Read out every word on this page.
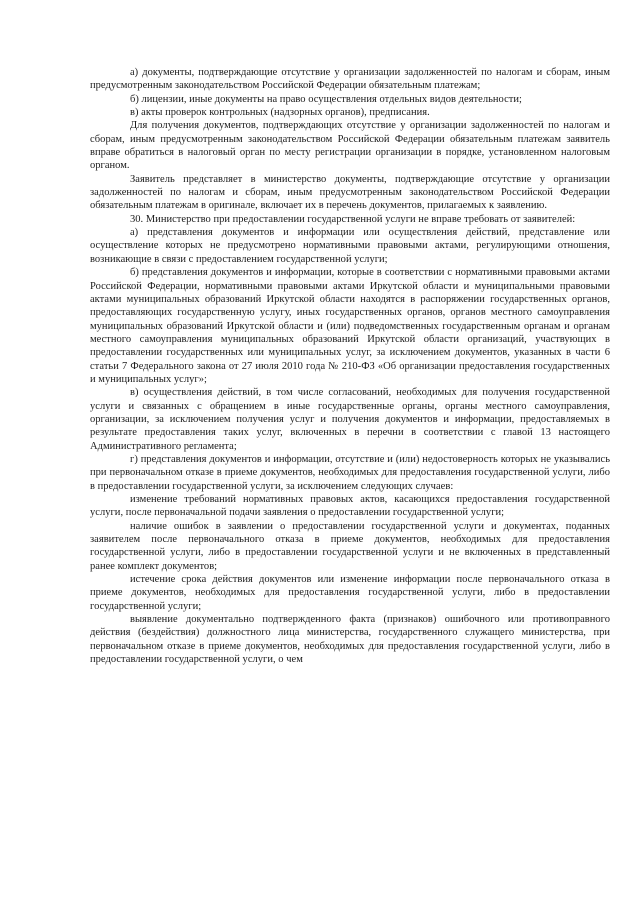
а) документы, подтверждающие отсутствие у организации задолженностей по налогам и сборам, иным предусмотренным законодательством Российской Федерации обязательным платежам;

б) лицензии, иные документы на право осуществления отдельных видов деятельности;

в) акты проверок контрольных (надзорных органов), предписания.

Для получения документов, подтверждающих отсутствие у организации задолженностей по налогам и сборам, иным предусмотренным законодательством Российской Федерации обязательным платежам заявитель вправе обратиться в налоговый орган по месту регистрации организации в порядке, установленном налоговым органом.

Заявитель представляет в министерство документы, подтверждающие отсутствие у организации задолженностей по налогам и сборам, иным предусмотренным законодательством Российской Федерации обязательным платежам в оригинале, включает их в перечень документов, прилагаемых к заявлению.

30. Министерство при предоставлении государственной услуги не вправе требовать от заявителей:

а) представления документов и информации или осуществления действий, представление или осуществление которых не предусмотрено нормативными правовыми актами, регулирующими отношения, возникающие в связи с предоставлением государственной услуги;

б) представления документов и информации, которые в соответствии с нормативными правовыми актами Российской Федерации, нормативными правовыми актами Иркутской области и муниципальными правовыми актами муниципальных образований Иркутской области находятся в распоряжении государственных органов, предоставляющих государственную услугу, иных государственных органов, органов местного самоуправления муниципальных образований Иркутской области и (или) подведомственных государственным органам и органам местного самоуправления муниципальных образований Иркутской области организаций, участвующих в предоставлении государственных или муниципальных услуг, за исключением документов, указанных в части 6 статьи 7 Федерального закона от 27 июля 2010 года № 210-ФЗ «Об организации предоставления государственных и муниципальных услуг»;

в) осуществления действий, в том числе согласований, необходимых для получения государственной услуги и связанных с обращением в иные государственные органы, органы местного самоуправления, организации, за исключением получения услуг и получения документов и информации, предоставляемых в результате предоставления таких услуг, включенных в перечни в соответствии с главой 13 настоящего Административного регламента;

г) представления документов и информации, отсутствие и (или) недостоверность которых не указывались при первоначальном отказе в приеме документов, необходимых для предоставления государственной услуги, либо в предоставлении государственной услуги, за исключением следующих случаев:

изменение требований нормативных правовых актов, касающихся предоставления государственной услуги, после первоначальной подачи заявления о предоставлении государственной услуги;

наличие ошибок в заявлении о предоставлении государственной услуги и документах, поданных заявителем после первоначального отказа в приеме документов, необходимых для предоставления государственной услуги, либо в предоставлении государственной услуги и не включенных в представленный ранее комплект документов;

истечение срока действия документов или изменение информации после первоначального отказа в приеме документов, необходимых для предоставления государственной услуги, либо в предоставлении государственной услуги;

выявление документально подтвержденного факта (признаков) ошибочного или противоправного действия (бездействия) должностного лица министерства, государственного служащего министерства, при первоначальном отказе в приеме документов, необходимых для предоставления государственной услуги, либо в предоставлении государственной услуги, о чем
